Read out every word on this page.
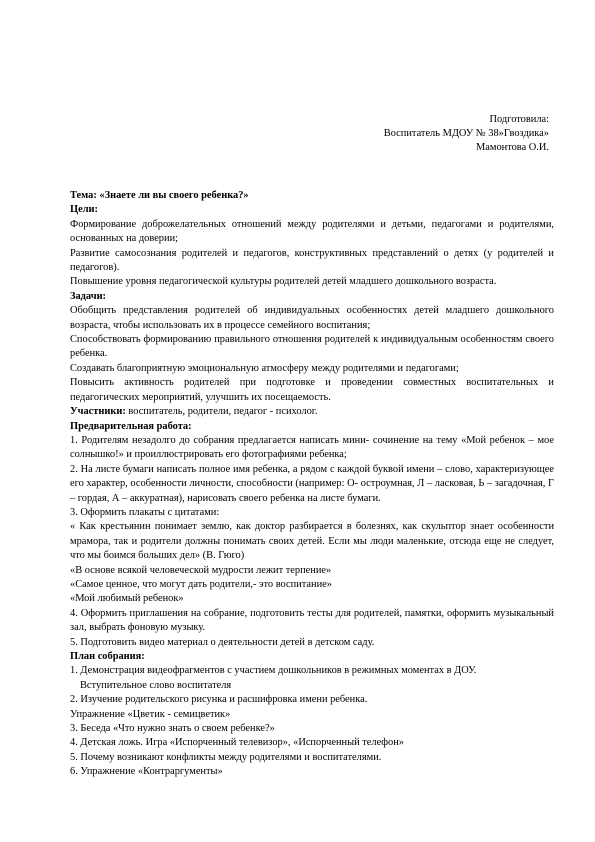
Подготовила:
Воспитатель МДОУ № 38»Гвоздика»
Мамонтова О.И.

Тема: «Знаете ли вы своего ребенка?»

Цели:

Формирование доброжелательных отношений между родителями и детьми, педагогами и родителями, основанных на доверии;

Развитие самосознания родителей и педагогов, конструктивных представлений о детях (у родителей и педагогов).

Повышение уровня педагогической культуры родителей детей младшего дошкольного возраста.

Задачи:

Обобщить представления родителей об индивидуальных особенностях детей младшего дошкольного возраста, чтобы использовать их в процессе семейного воспитания;

Способствовать формированию правильного отношения родителей к индивидуальным особенностям своего ребенка.

Создавать благоприятную эмоциональную атмосферу между родителями и педагогами;

Повысить активность родителей при подготовке и проведении совместных воспитательных и педагогических мероприятий, улучшить их посещаемость.

Участники: воспитатель, родители, педагог - психолог.

Предварительная работа:

1. Родителям незадолго до собрания предлагается написать мини- сочинение на тему «Мой ребенок – мое солнышко!» и проиллюстрировать его фотографиями ребенка;

2. На листе бумаги написать полное имя ребенка, а рядом с каждой буквой имени – слово, характеризующее его характер, особенности личности, способности (например: О- остроумная, Л – ласковая, Ь – загадочная, Г – гордая, А – аккуратная), нарисовать своего ребенка на листе бумаги.

3. Оформить плакаты с цитатами:

« Как крестьянин понимает землю, как доктор разбирается в болезнях, как скульптор знает особенности мрамора, так и родители должны понимать своих детей. Если мы люди маленькие, отсюда еще не следует, что мы боимся больших дел» (В. Гюго)

«В основе всякой человеческой мудрости лежит терпение»

«Самое ценное, что могут дать родители,- это воспитание»

«Мой любимый ребенок»

4. Оформить приглашения на собрание, подготовить тесты для родителей, памятки, оформить музыкальный зал, выбрать фоновую музыку.

5. Подготовить видео материал о деятельности детей в детском саду.

План собрания:

1. Демонстрация видеофрагментов с участием дошкольников в режимных моментах в ДОУ.

Вступительное слово воспитателя

2. Изучение родительского рисунка и расшифровка имени ребенка.

Упражнение «Цветик - семицветик»

3. Беседа «Что нужно знать о своем ребенке?»

4. Детская ложь. Игра «Испорченный телевизор», «Испорченный телефон»

5. Почему возникают конфликты между родителями и воспитателями.

6. Упражнение «Контраргументы»
